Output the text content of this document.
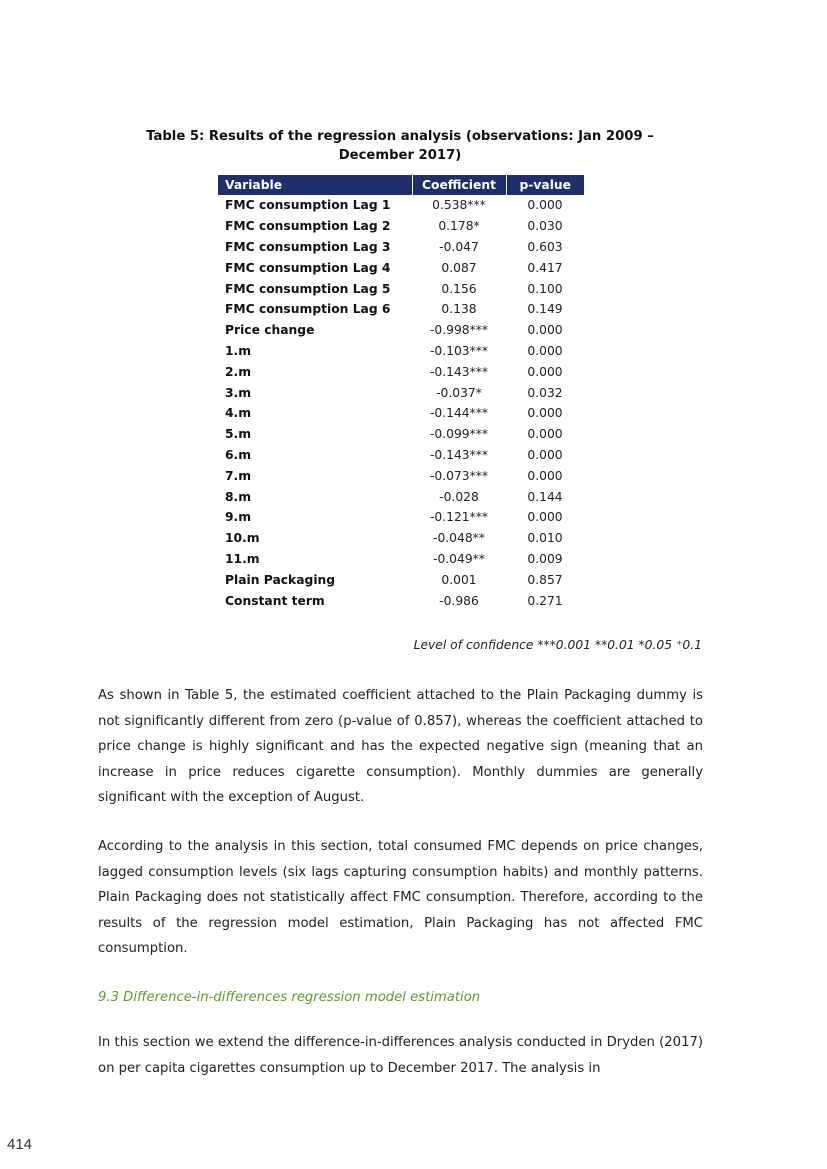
Table 5: Results of the regression analysis (observations: Jan 2009 –
December 2017)
Variable	Coefficient	p-value
FMC consumption Lag 1	0.538***	0.000
FMC consumption Lag 2	0.178*	0.030
FMC consumption Lag 3	-0.047	0.603
FMC consumption Lag 4	0.087	0.417
FMC consumption Lag 5	0.156	0.100
FMC consumption Lag 6	0.138	0.149
Price change	-0.998***	0.000
1.m	-0.103***	0.000
2.m	-0.143***	0.000
3.m	-0.037*	0.032
4.m	-0.144***	0.000
5.m	-0.099***	0.000
6.m	-0.143***	0.000
7.m	-0.073***	0.000
8.m	-0.028	0.144
9.m	-0.121***	0.000
10.m	-0.048**	0.010
11.m	-0.049**	0.009
Plain Packaging	0.001	0.857
Constant term	-0.986	0.271
Level of confidence ***0.001 **0.01 *0.05 ⁺0.1

As shown in Table 5, the estimated coefficient attached to the Plain Packaging dummy is not significantly different from zero (p-value of 0.857), whereas the coefficient attached to price change is highly significant and has the expected negative sign (meaning that an increase in price reduces cigarette consumption). Monthly dummies are generally significant with the exception of August.

According to the analysis in this section, total consumed FMC depends on price changes, lagged consumption levels (six lags capturing consumption habits) and monthly patterns. Plain Packaging does not statistically affect FMC consumption. Therefore, according to the results of the regression model estimation, Plain Packaging has not affected FMC consumption.

9.3 Difference-in-differences regression model estimation

In this section we extend the difference-in-differences analysis conducted in Dryden (2017) on per capita cigarettes consumption up to December 2017. The analysis in

414
